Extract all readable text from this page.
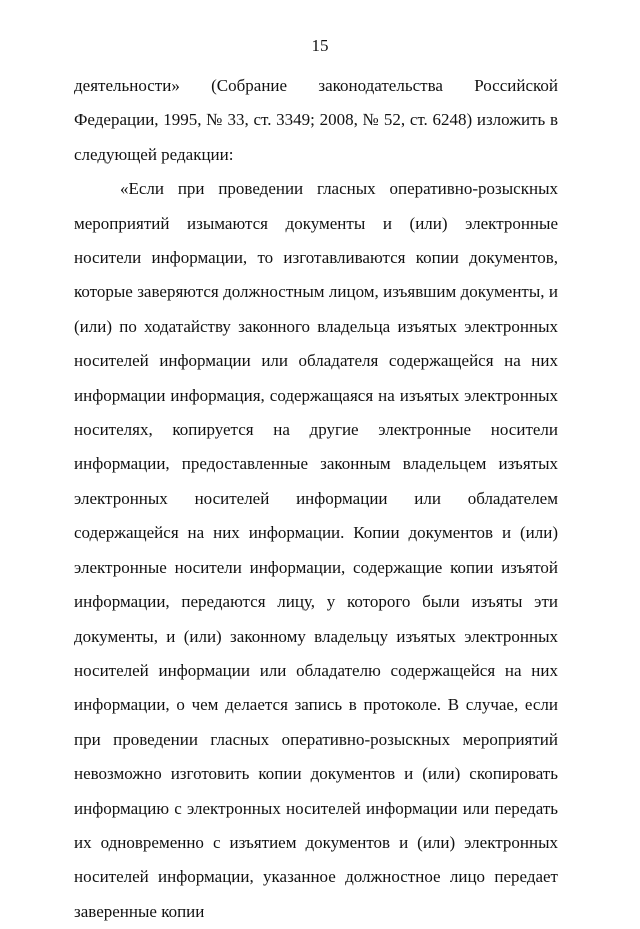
15

деятельности» (Собрание законодательства Российской Федерации, 1995, № 33, ст. 3349; 2008, № 52, ст. 6248) изложить в следующей редакции:

«Если при проведении гласных оперативно-розыскных мероприятий изымаются документы и (или) электронные носители информации, то изготавливаются копии документов, которые заверяются должностным лицом, изъявшим документы, и (или) по ходатайству законного владельца изъятых электронных носителей информации или обладателя содержащейся на них информации информация, содержащаяся на изъятых электронных носителях, копируется на другие электронные носители информации, предоставленные законным владельцем изъятых электронных носителей информации или обладателем содержащейся на них информации. Копии документов и (или) электронные носители информации, содержащие копии изъятой информации, передаются лицу, у которого были изъяты эти документы, и (или) законному владельцу изъятых электронных носителей информации или обладателю содержащейся на них информации, о чем делается запись в протоколе. В случае, если при проведении гласных оперативно-розыскных мероприятий невозможно изготовить копии документов и (или) скопировать информацию с электронных носителей информации или передать их одновременно с изъятием документов и (или) электронных носителей информации, указанное должностное лицо передает заверенные копии
